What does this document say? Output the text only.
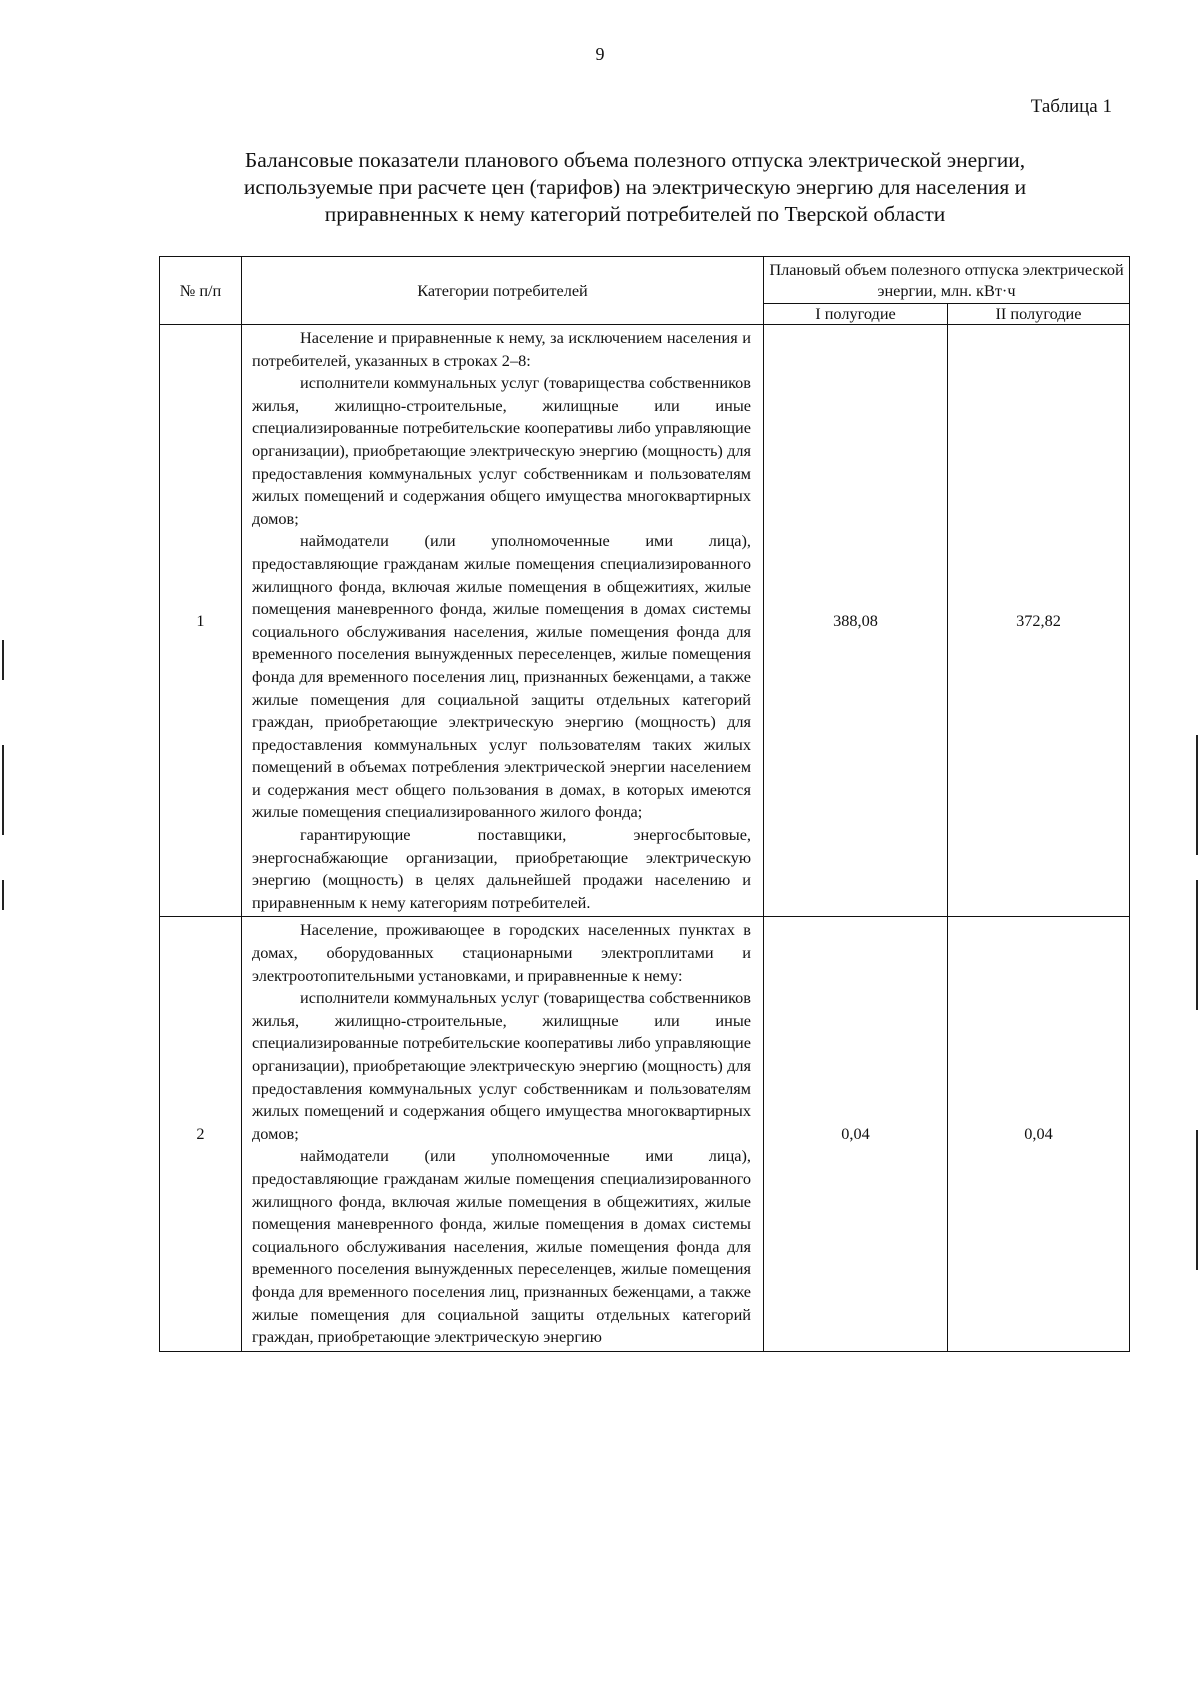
9
Таблица 1
Балансовые показатели планового объема полезного отпуска электрической энергии,
используемые при расчете цен (тарифов) на электрическую энергию для населения и
приравненных к нему категорий потребителей по Тверской области
№ п/п	Категории потребителей	Плановый объем полезного отпуска электрической энергии, млн. кВт·ч	
		I полугодие	II полугодие
1	Население и приравненные к нему, за исключением населения и потребителей, указанных в строках 2–8:

исполнители коммунальных услуг (товарищества собственников жилья, жилищно-строительные, жилищные или иные специализированные потребительские кооперативы либо управляющие организации), приобретающие электрическую энергию (мощность) для предоставления коммунальных услуг собственникам и пользователям жилых помещений и содержания общего имущества многоквартирных домов;

наймодатели (или уполномоченные ими лица), предоставляющие гражданам жилые помещения специализированного жилищного фонда, включая жилые помещения в общежитиях, жилые помещения маневренного фонда, жилые помещения в домах системы социального обслуживания населения, жилые помещения фонда для временного поселения вынужденных переселенцев, жилые помещения фонда для временного поселения лиц, признанных беженцами, а также жилые помещения для социальной защиты отдельных категорий граждан, приобретающие электрическую энергию (мощность) для предоставления коммунальных услуг пользователям таких жилых помещений в объемах потребления электрической энергии населением и содержания мест общего пользования в домах, в которых имеются жилые помещения специализированного жилого фонда;

гарантирующие поставщики, энергосбытовые, энергоснабжающие организации, приобретающие электрическую энергию (мощность) в целях дальнейшей продажи населению и приравненным к нему категориям потребителей.	388,08	372,82
2	Население, проживающее в городских населенных пунктах в домах, оборудованных стационарными электроплитами и электроотопительными установками, и приравненные к нему:

исполнители коммунальных услуг (товарищества собственников жилья, жилищно-строительные, жилищные или иные специализированные потребительские кооперативы либо управляющие организации), приобретающие электрическую энергию (мощность) для предоставления коммунальных услуг собственникам и пользователям жилых помещений и содержания общего имущества многоквартирных домов;

наймодатели (или уполномоченные ими лица), предоставляющие гражданам жилые помещения специализированного жилищного фонда, включая жилые помещения в общежитиях, жилые помещения маневренного фонда, жилые помещения в домах системы социального обслуживания населения, жилые помещения фонда для временного поселения вынужденных переселенцев, жилые помещения фонда для временного поселения лиц, признанных беженцами, а также жилые помещения для социальной защиты отдельных категорий граждан, приобретающие электрическую энергию	0,04	0,04
